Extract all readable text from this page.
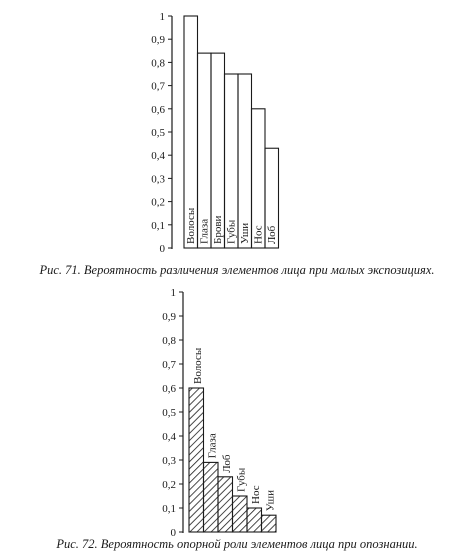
0
0,1
0,2
0,3
0,4
0,5
0,6
0,7
0,8
0,9
1
Волосы Глаза Брови Губы Уши Нос Лоб
0
0,1
0,2
0,3
0,4
0,5
0,6
0,7
0,8
0,9
1
Волосы
Глаза
Лоб
Губы
Нос Уши

Рис. 71. Вероятность различения элементов лица при малых экспозициях.

Рис. 72. Вероятность опорной роли элементов лица при опознании.
